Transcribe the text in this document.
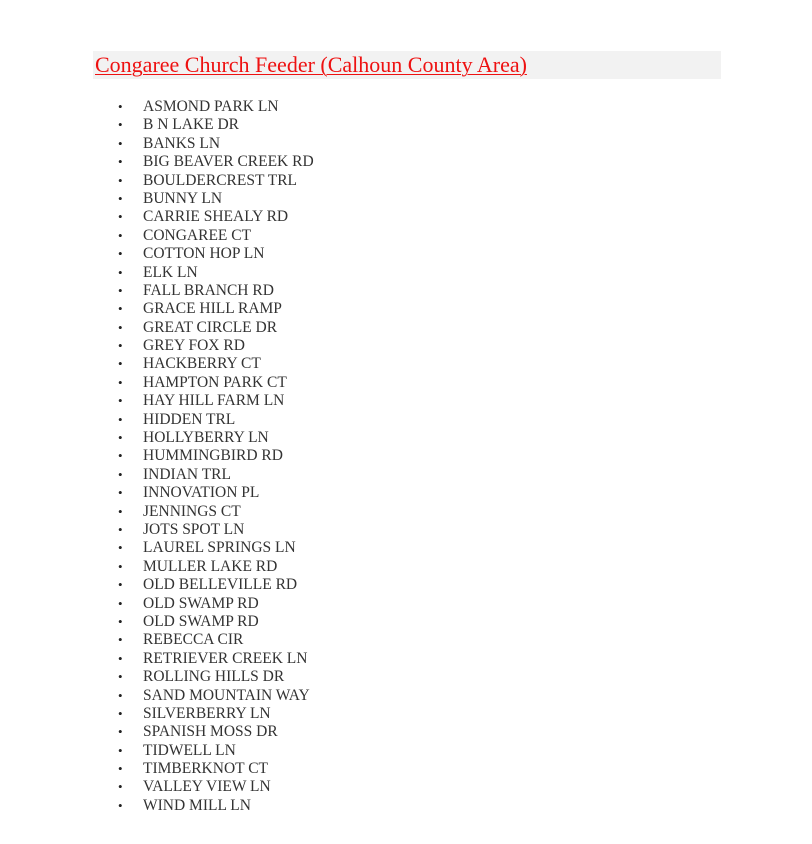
Congaree Church Feeder (Calhoun County Area)
• ASMOND PARK LN
• B N LAKE DR
• BANKS LN
• BIG BEAVER CREEK RD
• BOULDERCREST TRL
• BUNNY LN
• CARRIE SHEALY RD
• CONGAREE CT
• COTTON HOP LN
• ELK LN
• FALL BRANCH RD
• GRACE HILL RAMP
• GREAT CIRCLE DR
• GREY FOX RD
• HACKBERRY CT
• HAMPTON PARK CT
• HAY HILL FARM LN
• HIDDEN TRL
• HOLLYBERRY LN
• HUMMINGBIRD RD
• INDIAN TRL
• INNOVATION PL
• JENNINGS CT
• JOTS SPOT LN
• LAUREL SPRINGS LN
• MULLER LAKE RD
• OLD BELLEVILLE RD
• OLD SWAMP RD
• OLD SWAMP RD
• REBECCA CIR
• RETRIEVER CREEK LN
• ROLLING HILLS DR
• SAND MOUNTAIN WAY
• SILVERBERRY LN
• SPANISH MOSS DR
• TIDWELL LN
• TIMBERKNOT CT
• VALLEY VIEW LN
• WIND MILL LN
